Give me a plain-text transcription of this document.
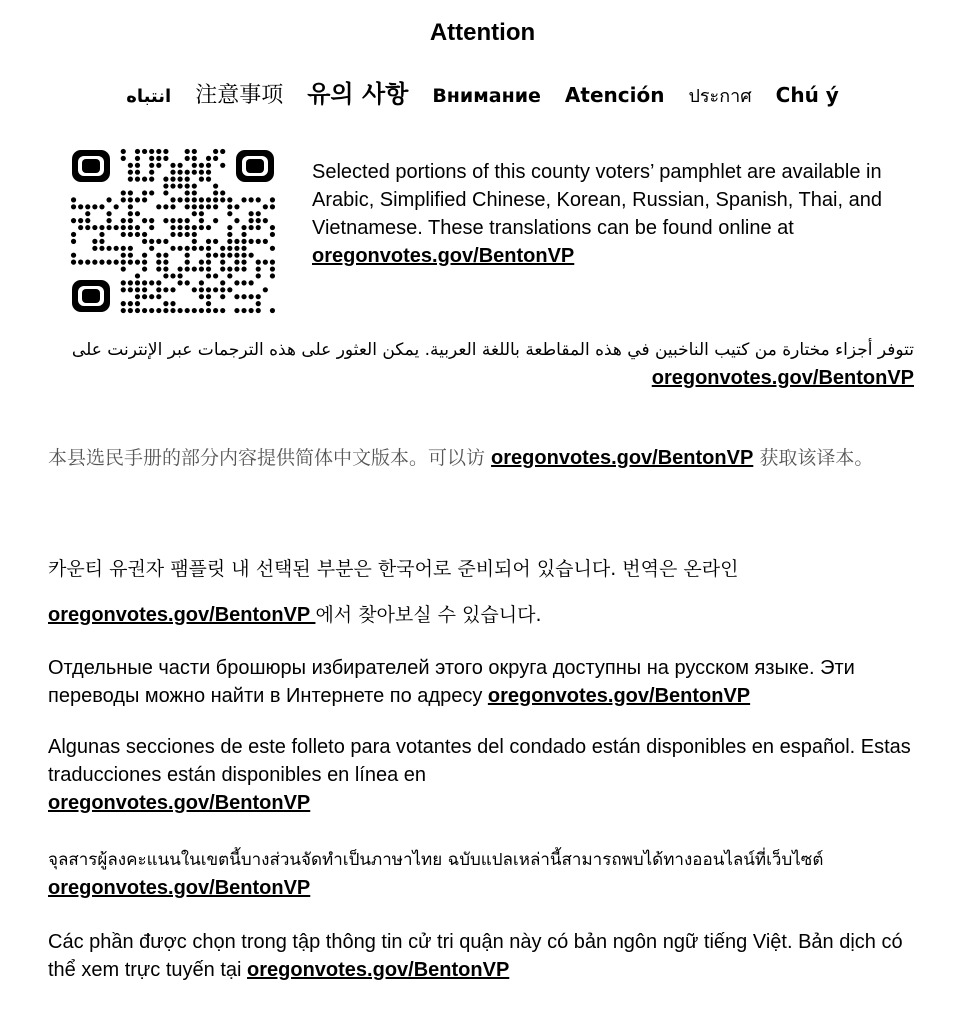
Attention
انتباه 注意事项 유의 사항 Внимание Atención ประกาศ Chú ý
Selected portions of this county voters’ pamphlet are available in Arabic, Simplified Chinese, Korean, Russian, Spanish, Thai, and Vietnamese. These translations can be found online at oregonvotes.gov/BentonVP
تتوفر أجزاء مختارة من كتيب الناخبين في هذه المقاطعة باللغة العربية. يمكن العثور على هذه الترجمات عبر الإنترنت على
oregonvotes.gov/BentonVP
本县选民手册的部分内容提供简体中文版本。可以访 oregonvotes.gov/BentonVP 获取该译本。
카운티 유권자 팸플릿 내 선택된 부분은 한국어로 준비되어 있습니다. 번역은 온라인 oregonvotes.gov/BentonVP 에서 찾아보실 수 있습니다.
Отдельные части брошюры избирателей этого округа доступны на русском языке. Эти переводы можно найти в Интернете по адресу oregonvotes.gov/BentonVP
Algunas secciones de este folleto para votantes del condado están disponibles en español. Estas traducciones están disponibles en línea en
oregonvotes.gov/BentonVP
จุลสารผู้ลงคะแนนในเขตนี้บางส่วนจัดทำเป็นภาษาไทย ฉบับแปลเหล่านี้สามารถพบได้ทางออนไลน์ที่เว็บไซต์
oregonvotes.gov/BentonVP
Các phần được chọn trong tập thông tin cử tri quận này có bản ngôn ngữ tiếng Việt. Bản dịch có thể xem trực tuyến tại oregonvotes.gov/BentonVP
